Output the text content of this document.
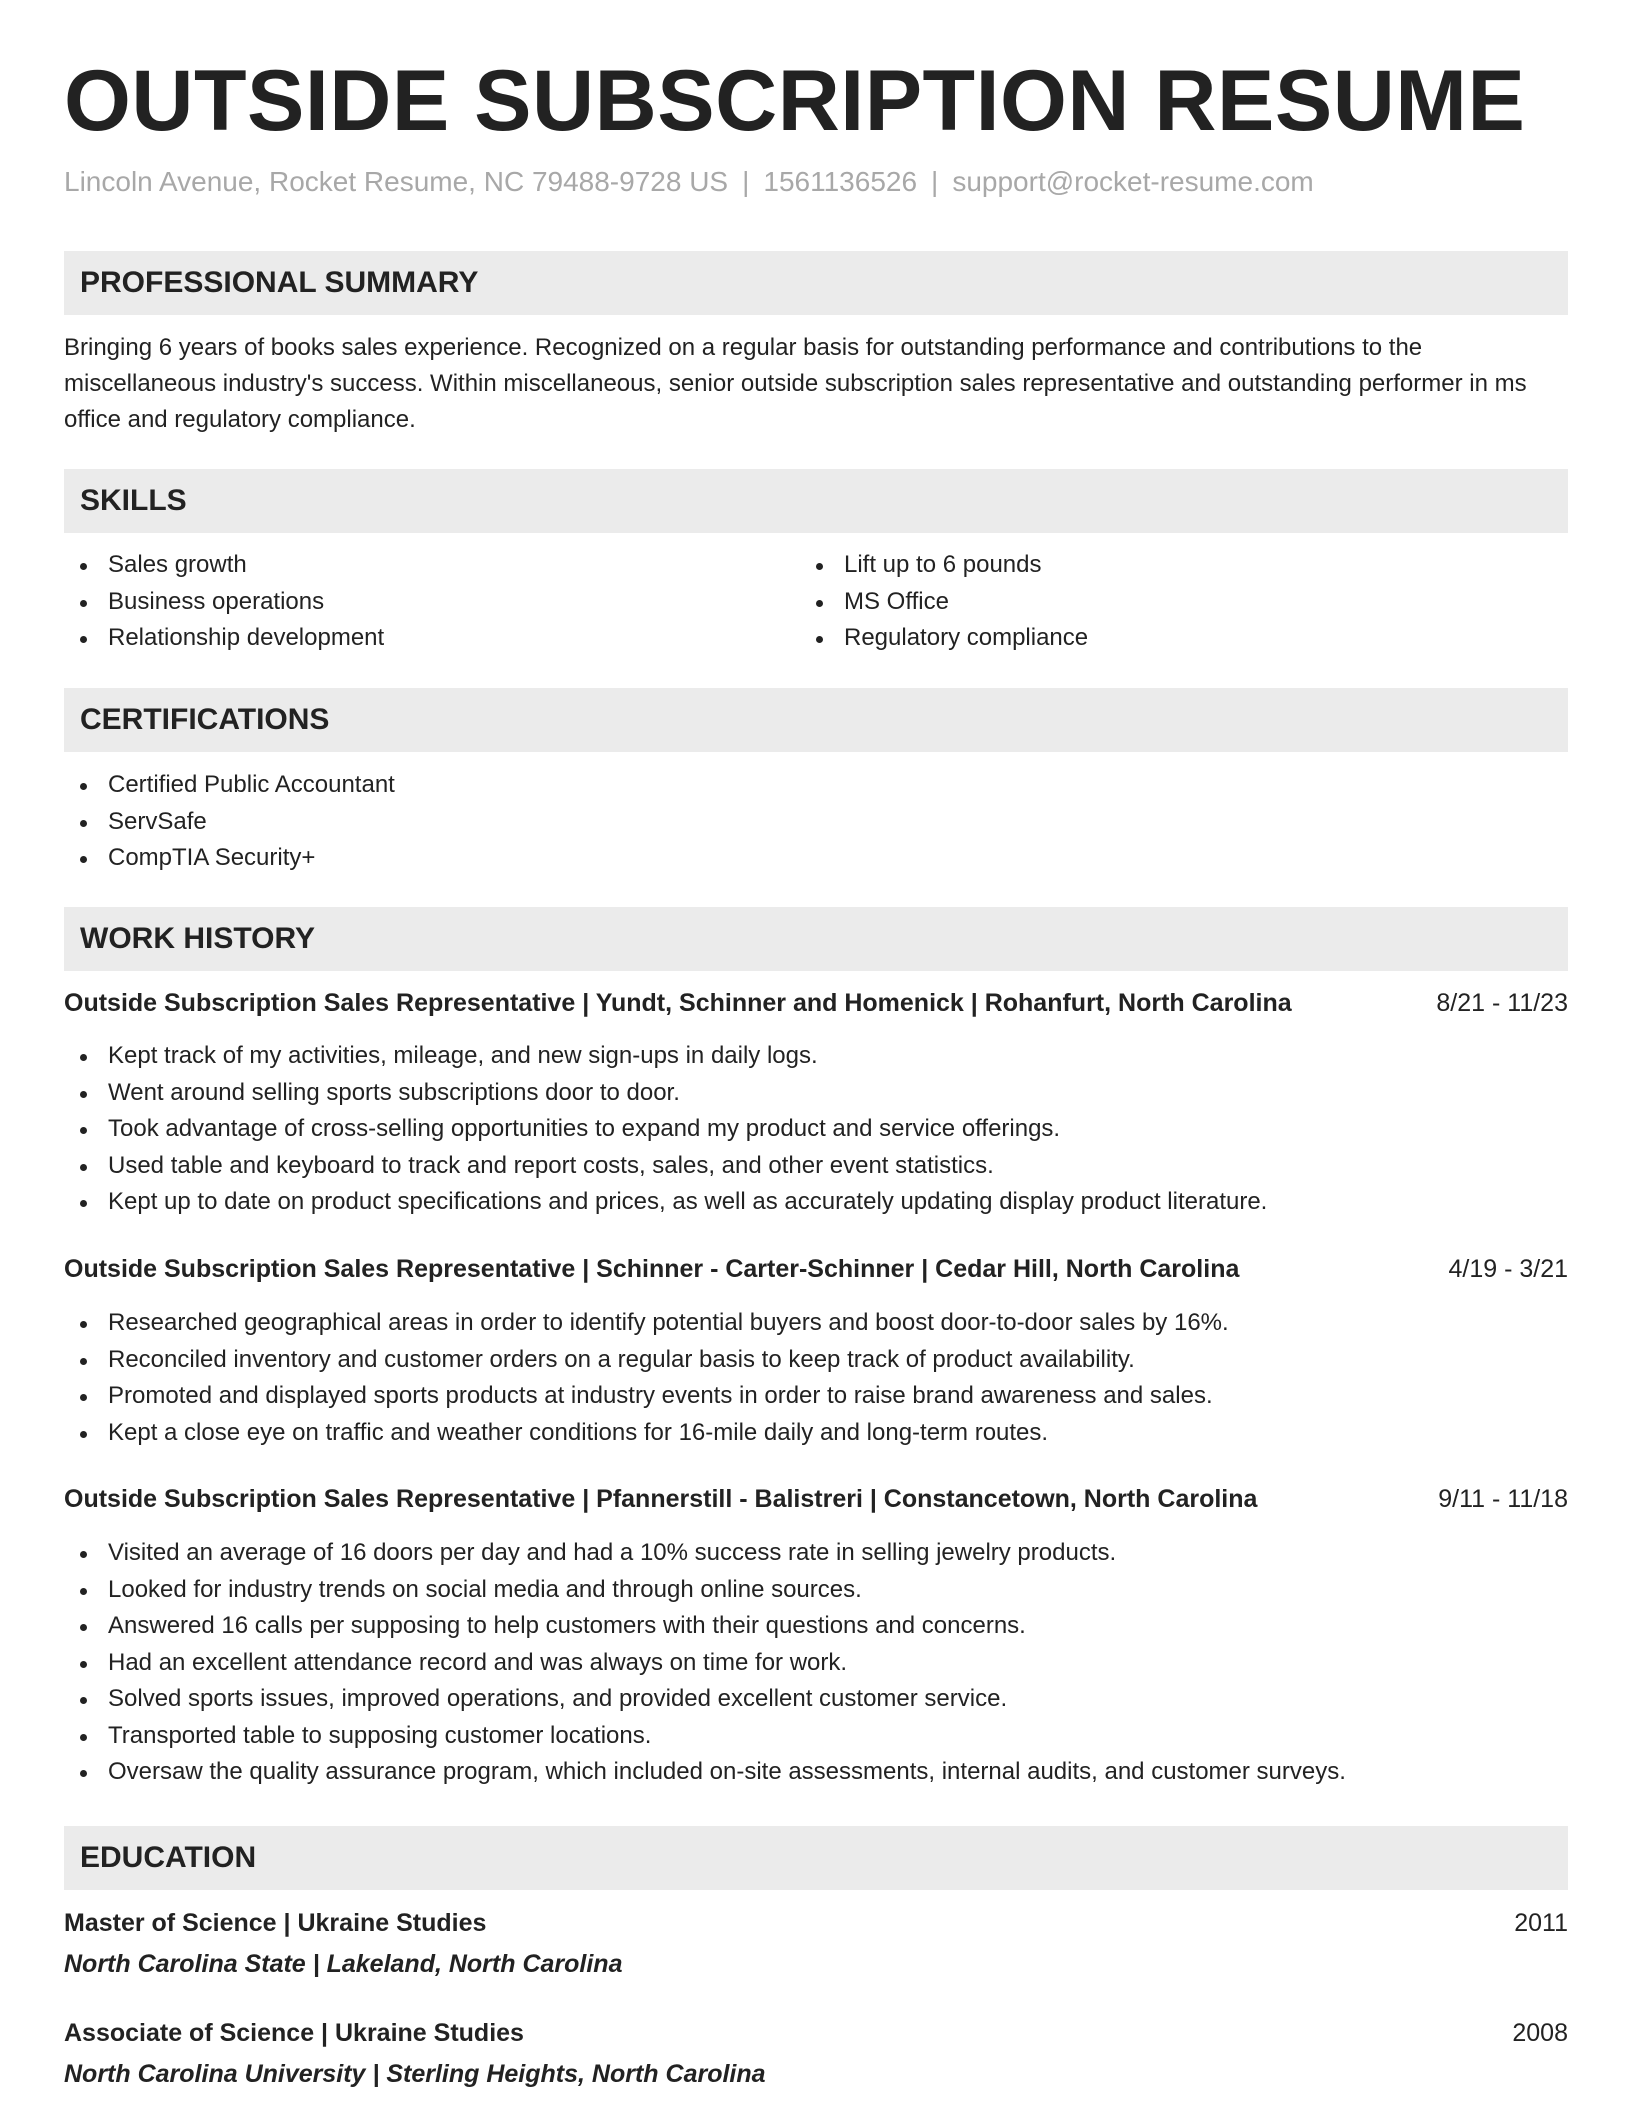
OUTSIDE SUBSCRIPTION RESUME
Lincoln Avenue, Rocket Resume, NC 79488-9728 US | 1561136526 | support@rocket-resume.com
PROFESSIONAL SUMMARY
Bringing 6 years of books sales experience. Recognized on a regular basis for outstanding performance and contributions to the miscellaneous industry's success. Within miscellaneous, senior outside subscription sales representative and outstanding performer in ms office and regulatory compliance.
SKILLS
Sales growth
Business operations
Relationship development
Lift up to 6 pounds
MS Office
Regulatory compliance
CERTIFICATIONS
Certified Public Accountant
ServSafe
CompTIA Security+
WORK HISTORY
Outside Subscription Sales Representative | Yundt, Schinner and Homenick | Rohanfurt, North Carolina	8/21 - 11/23
Kept track of my activities, mileage, and new sign-ups in daily logs.
Went around selling sports subscriptions door to door.
Took advantage of cross-selling opportunities to expand my product and service offerings.
Used table and keyboard to track and report costs, sales, and other event statistics.
Kept up to date on product specifications and prices, as well as accurately updating display product literature.
Outside Subscription Sales Representative | Schinner - Carter-Schinner | Cedar Hill, North Carolina	4/19 - 3/21
Researched geographical areas in order to identify potential buyers and boost door-to-door sales by 16%.
Reconciled inventory and customer orders on a regular basis to keep track of product availability.
Promoted and displayed sports products at industry events in order to raise brand awareness and sales.
Kept a close eye on traffic and weather conditions for 16-mile daily and long-term routes.
Outside Subscription Sales Representative | Pfannerstill - Balistreri | Constancetown, North Carolina	9/11 - 11/18
Visited an average of 16 doors per day and had a 10% success rate in selling jewelry products.
Looked for industry trends on social media and through online sources.
Answered 16 calls per supposing to help customers with their questions and concerns.
Had an excellent attendance record and was always on time for work.
Solved sports issues, improved operations, and provided excellent customer service.
Transported table to supposing customer locations.
Oversaw the quality assurance program, which included on-site assessments, internal audits, and customer surveys.
EDUCATION
Master of Science | Ukraine Studies	2011
North Carolina State | Lakeland, North Carolina
Associate of Science | Ukraine Studies	2008
North Carolina University | Sterling Heights, North Carolina
